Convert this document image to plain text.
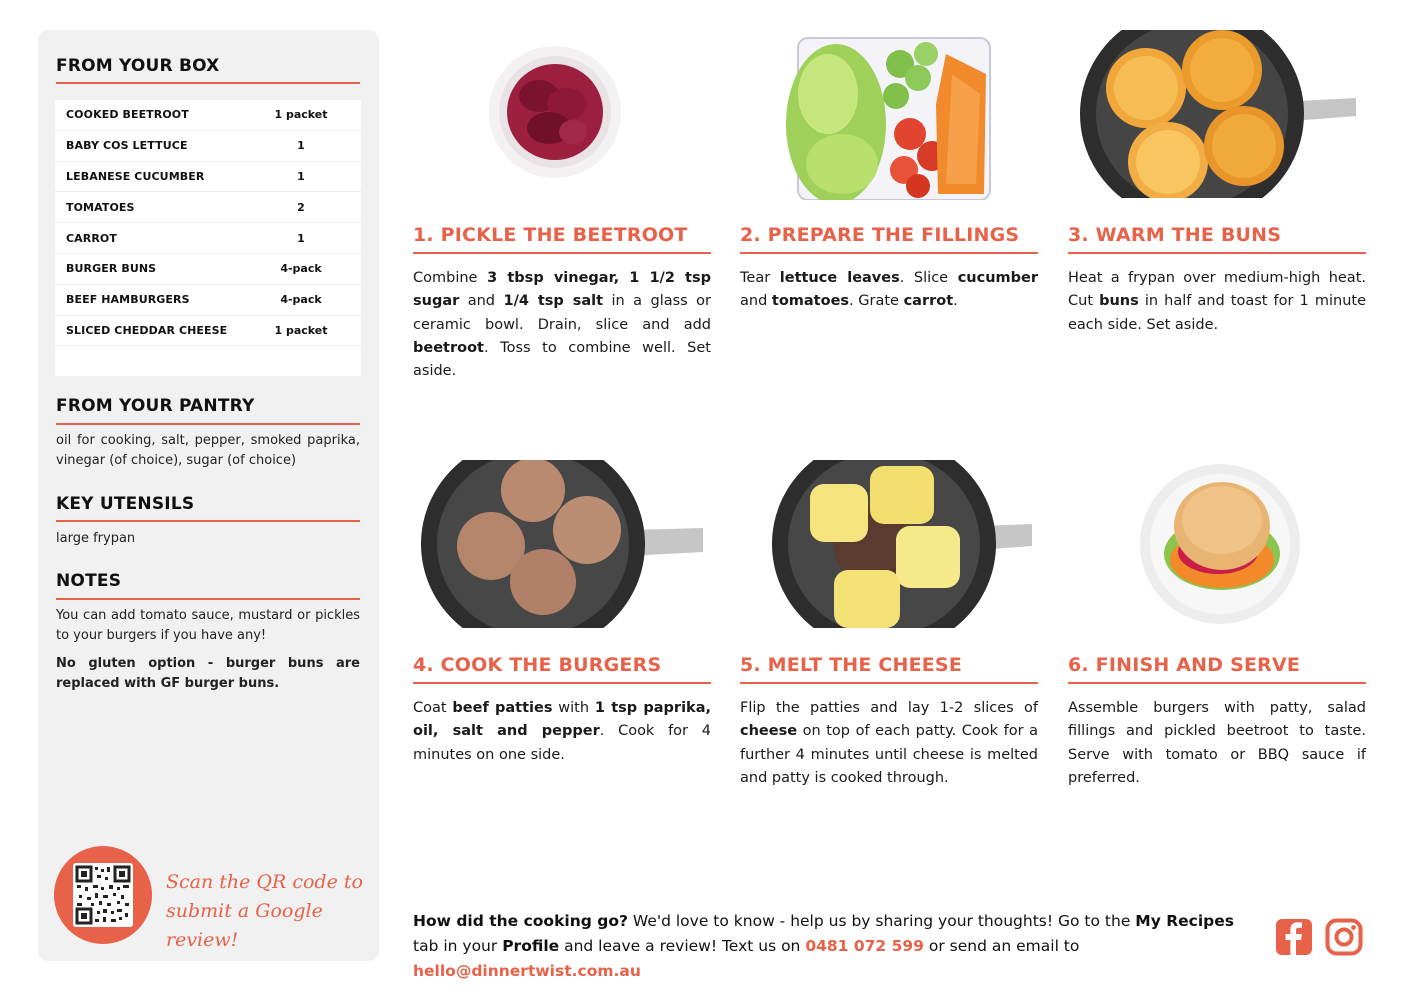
FROM YOUR BOX
COOKED BEETROOT	1 packet
BABY COS LETTUCE	1
LEBANESE CUCUMBER	1
TOMATOES	2
CARROT	1
BURGER BUNS	4-pack
BEEF HAMBURGERS	4-pack
SLICED CHEDDAR CHEESE	1 packet
FROM YOUR PANTRY
oil for cooking, salt, pepper, smoked paprika, vinegar (of choice), sugar (of choice)
KEY UTENSILS
large frypan
NOTES
You can add tomato sauce, mustard or pickles to your burgers if you have any!
No gluten option - burger buns are replaced with GF burger buns.
Scan the QR code to
submit a Google review!
1. PICKLE THE BEETROOT
Combine 3 tbsp vinegar, 1 1/2 tsp sugar and 1/4 tsp salt in a glass or ceramic bowl. Drain, slice and add beetroot. Toss to combine well. Set aside.
2. PREPARE THE FILLINGS
Tear lettuce leaves. Slice cucumber and tomatoes. Grate carrot.
3. WARM THE BUNS
Heat a frypan over medium-high heat. Cut buns in half and toast for 1 minute each side. Set aside.
4. COOK THE BURGERS
Coat beef patties with 1 tsp paprika, oil, salt and pepper. Cook for 4 minutes on one side.
5. MELT THE CHEESE
Flip the patties and lay 1-2 slices of cheese on top of each patty. Cook for a further 4 minutes until cheese is melted and patty is cooked through.
6. FINISH AND SERVE
Assemble burgers with patty, salad fillings and pickled beetroot to taste. Serve with tomato or BBQ sauce if preferred.
How did the cooking go? We'd love to know - help us by sharing your thoughts! Go to the My Recipes tab in your Profile and leave a review! Text us on 0481 072 599 or send an email to hello@dinnertwist.com.au
